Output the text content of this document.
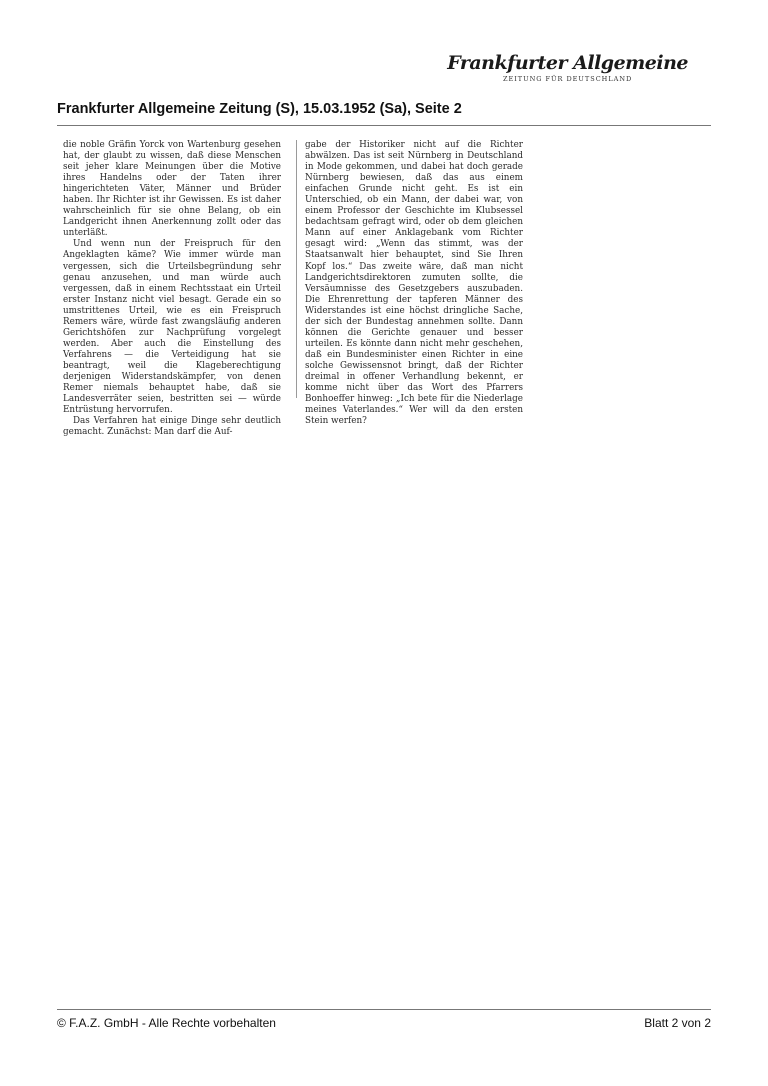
Frankfurter Allgemeine
ZEITUNG FÜR DEUTSCHLAND
Frankfurter Allgemeine Zeitung (S), 15.03.1952 (Sa), Seite 2

die noble Gräfin Yorck von Wartenburg gesehen hat, der glaubt zu wissen, daß diese Menschen seit jeher klare Meinungen über die Motive ihres Handelns oder der Taten ihrer hingerichteten Väter, Männer und Brüder haben. Ihr Richter ist ihr Gewissen. Es ist daher wahrscheinlich für sie ohne Belang, ob ein Landgericht ihnen Anerkennung zollt oder das unterläßt.

Und wenn nun der Freispruch für den Angeklagten käme? Wie immer würde man vergessen, sich die Urteilsbegründung sehr genau anzusehen, und man würde auch vergessen, daß in einem Rechtsstaat ein Urteil erster Instanz nicht viel besagt. Gerade ein so umstrittenes Urteil, wie es ein Freispruch Remers wäre, würde fast zwangsläufig anderen Gerichtshöfen zur Nachprüfung vorgelegt werden. Aber auch die Einstellung des Verfahrens — die Verteidigung hat sie beantragt, weil die Klageberechtigung derjenigen Widerstandskämpfer, von denen Remer niemals behauptet habe, daß sie Landesverräter seien, bestritten sei — würde Entrüstung hervorrufen.

Das Verfahren hat einige Dinge sehr deutlich gemacht. Zunächst: Man darf die Auf-

gabe der Historiker nicht auf die Richter abwälzen. Das ist seit Nürnberg in Deutschland in Mode gekommen, und dabei hat doch gerade Nürnberg bewiesen, daß das aus einem einfachen Grunde nicht geht. Es ist ein Unterschied, ob ein Mann, der dabei war, von einem Professor der Geschichte im Klubsessel bedachtsam gefragt wird, oder ob dem gleichen Mann auf einer Anklagebank vom Richter gesagt wird: „Wenn das stimmt, was der Staatsanwalt hier behauptet, sind Sie Ihren Kopf los.“ Das zweite wäre, daß man nicht Landgerichtsdirektoren zumuten sollte, die Versäumnisse des Gesetzgebers auszubaden. Die Ehrenrettung der tapferen Männer des Widerstandes ist eine höchst dringliche Sache, der sich der Bundestag annehmen sollte. Dann können die Gerichte genauer und besser urteilen. Es könnte dann nicht mehr geschehen, daß ein Bundesminister einen Richter in eine solche Gewissensnot bringt, daß der Richter dreimal in offener Verhandlung bekennt, er komme nicht über das Wort des Pfarrers Bonhoeffer hinweg: „Ich bete für die Niederlage meines Vaterlandes.“ Wer will da den ersten Stein werfen?

© F.A.Z. GmbH - Alle Rechte vorbehalten	Blatt 2 von 2
